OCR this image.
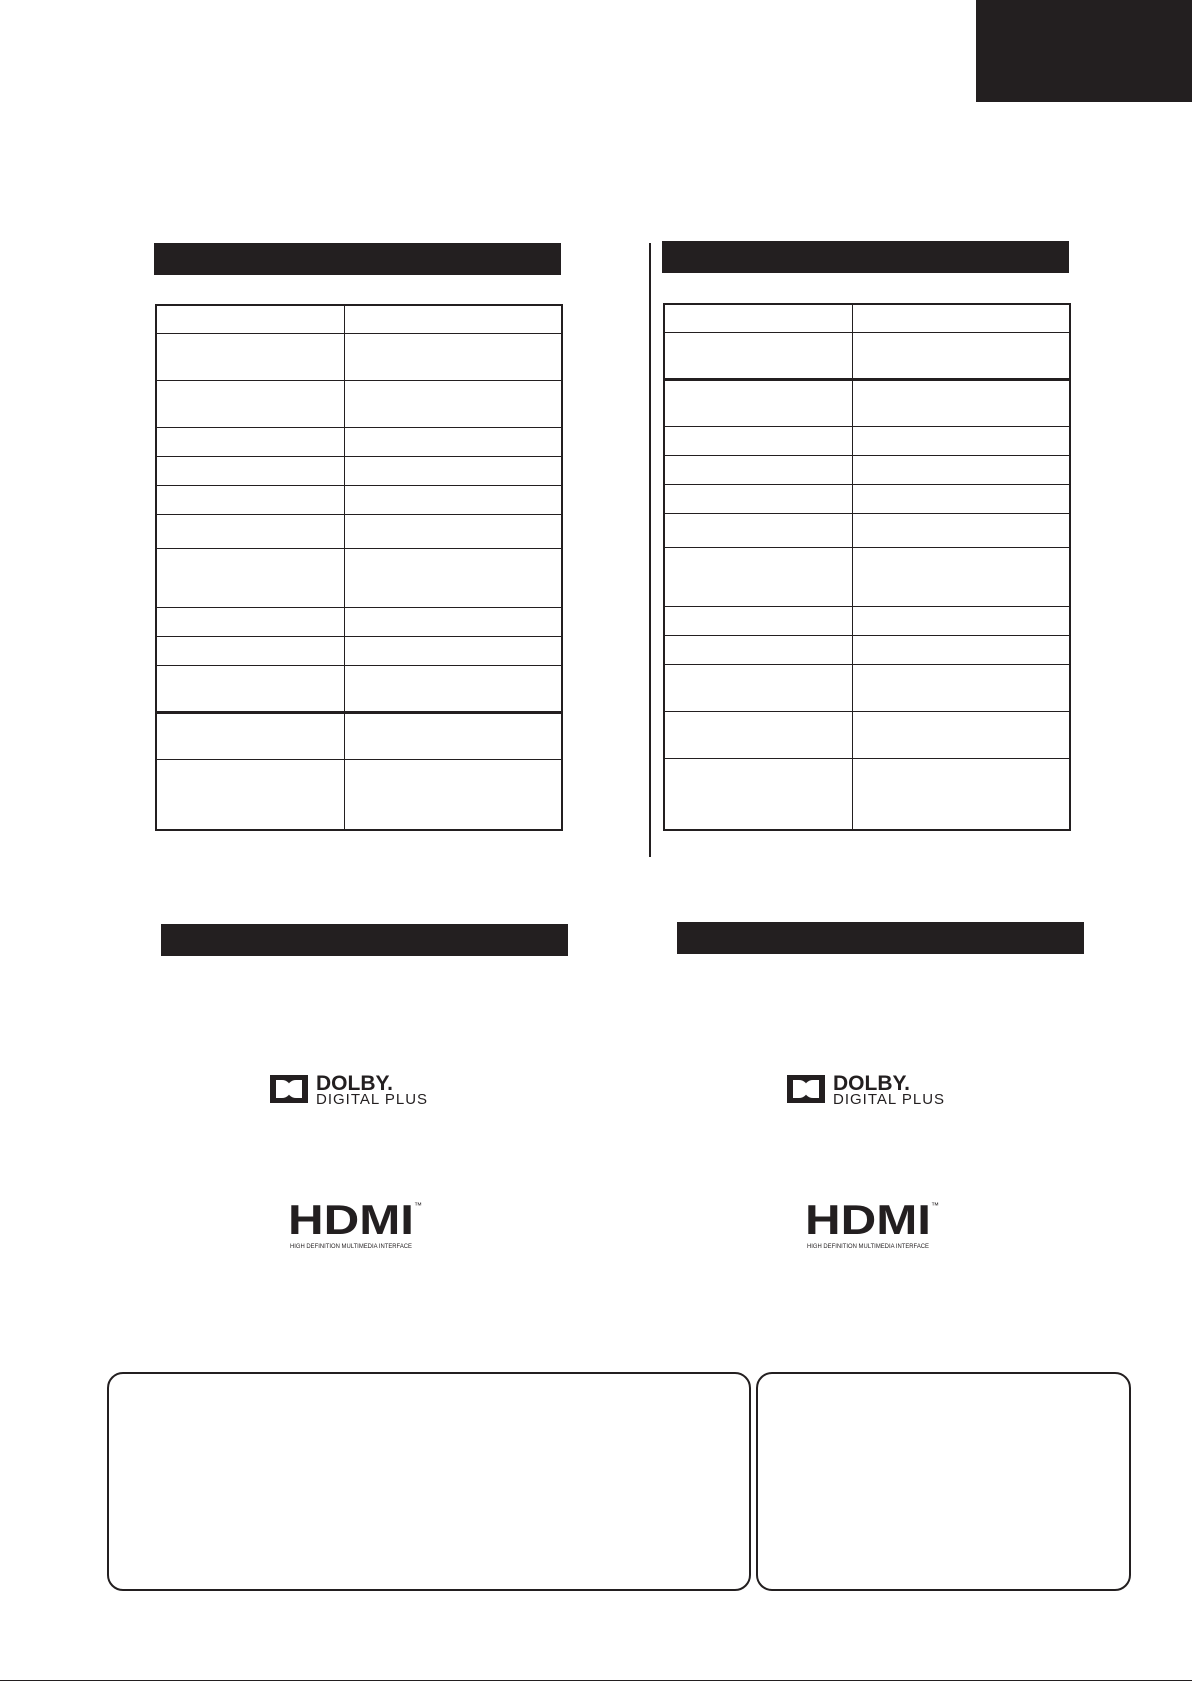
DOLBY.
DIGITAL PLUS
DOLBY.
DIGITAL PLUS
HDMI ™
HIGH DEFINITION MULTIMEDIA INTERFACE
HDMI ™
HIGH DEFINITION MULTIMEDIA INTERFACE
